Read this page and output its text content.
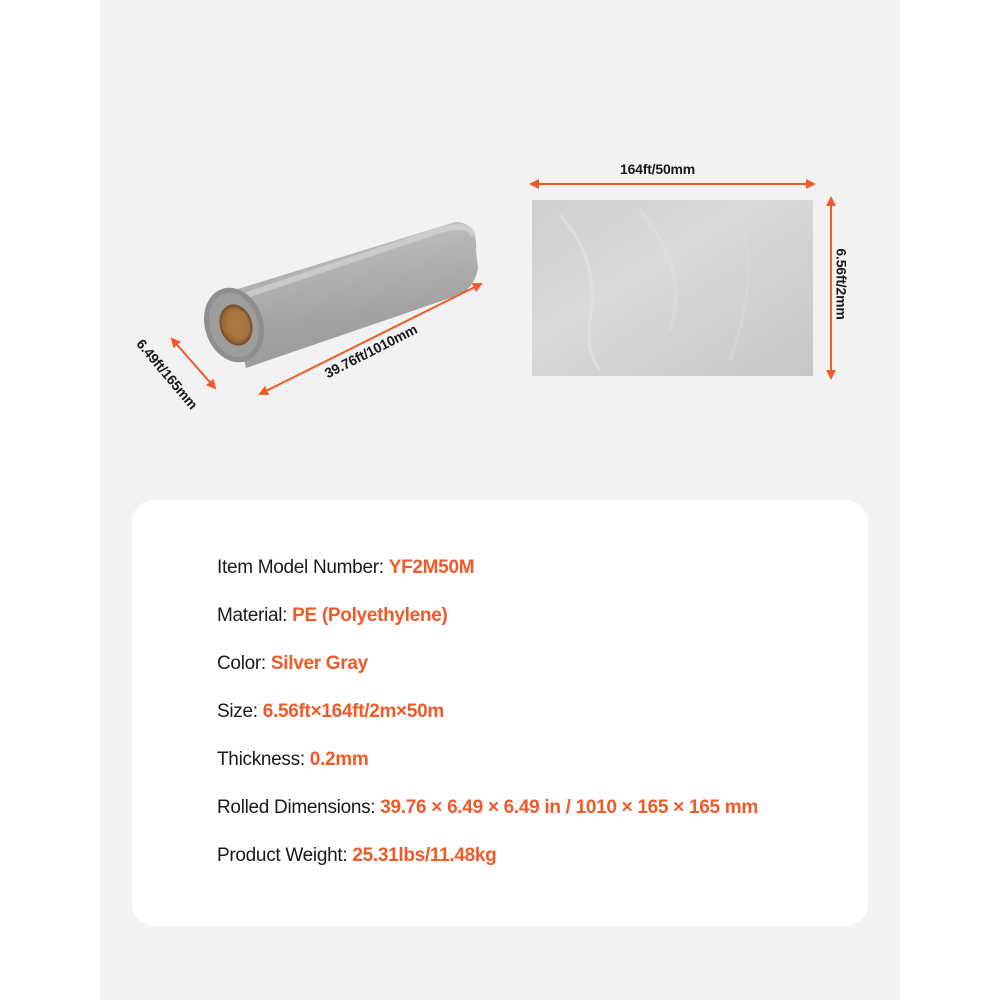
39.76ft/1010mm
6.49ft/165mm
164ft/50mm
6.56ft/2mm
Item Model Number: YF2M50M
Material: PE (Polyethylene)
Color: Silver Gray
Size: 6.56ft×164ft/2m×50m
Thickness: 0.2mm
Rolled Dimensions: 39.76 × 6.49 × 6.49 in / 1010 × 165 × 165 mm
Product Weight: 25.31lbs/11.48kg
